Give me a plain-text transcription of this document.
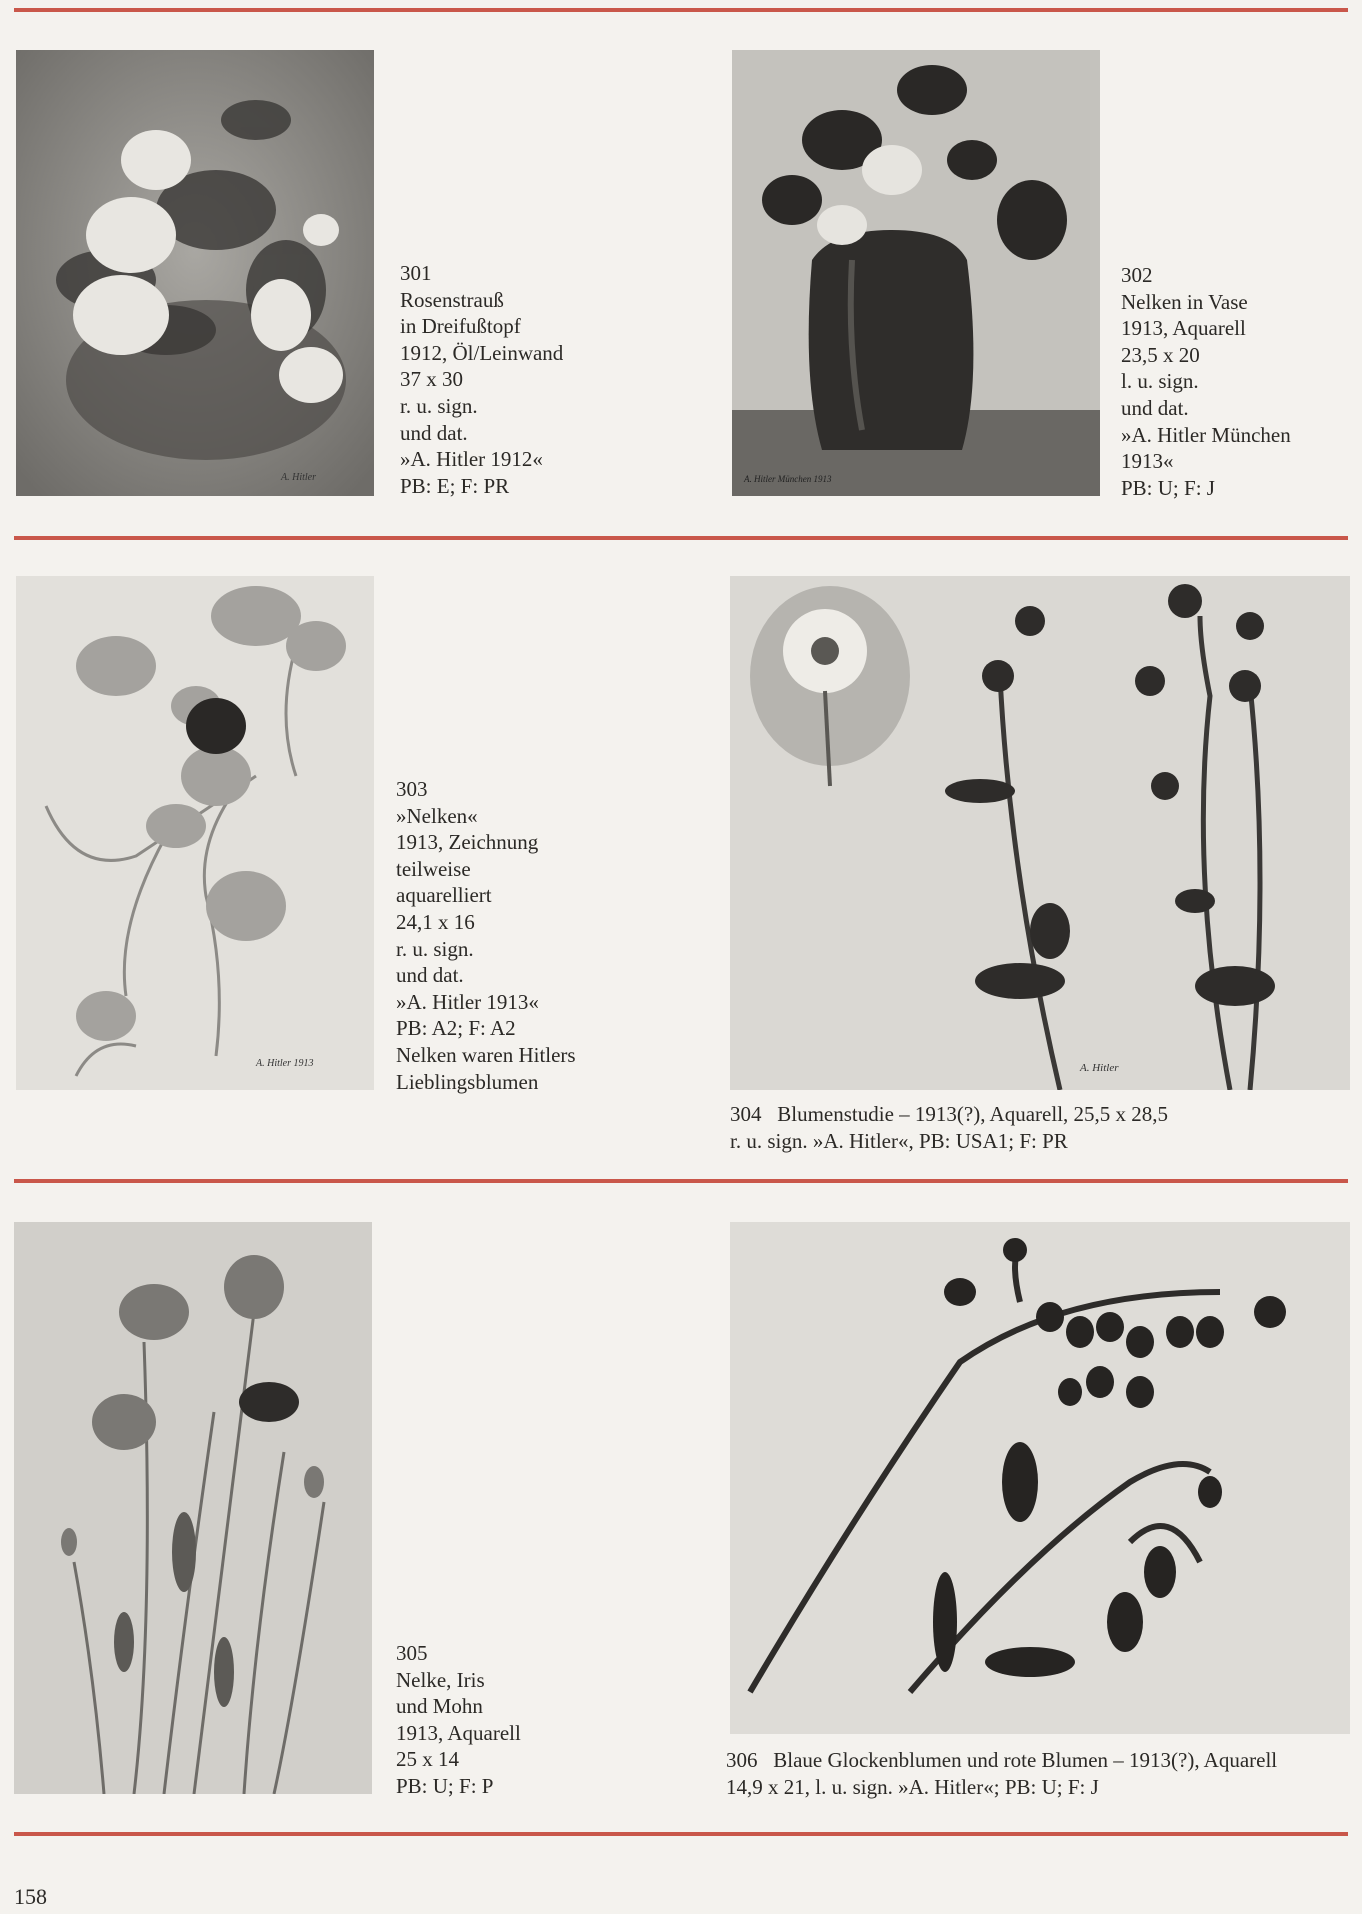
A. Hitler
301
Rosenstrauß
in Dreifußtopf
1912, Öl/Leinwand
37 x 30
r. u. sign.
und dat.
»A. Hitler 1912«
PB: E; F: PR	A. Hitler München 1913
302
Nelken in Vase
1913, Aquarell
23,5 x 20
l. u. sign.
und dat.
»A. Hitler München
1913«
PB: U; F: J
A. Hitler 1913
303
»Nelken«
1913, Zeichnung
teilweise
aquarelliert
24,1 x 16
r. u. sign.
und dat.
»A. Hitler 1913«
PB: A2; F: A2
Nelken waren Hitlers
Lieblingsblumen
A. Hitler
304   Blumenstudie – 1913(?), Aquarell, 25,5 x 28,5
r. u. sign. »A. Hitler«, PB: USA1; F: PR
305
Nelke, Iris
und Mohn
1913, Aquarell
25 x 14
PB: U; F: P
306   Blaue Glockenblumen und rote Blumen – 1913(?), Aquarell
14,9 x 21, l. u. sign. »A. Hitler«; PB: U; F: J
158
